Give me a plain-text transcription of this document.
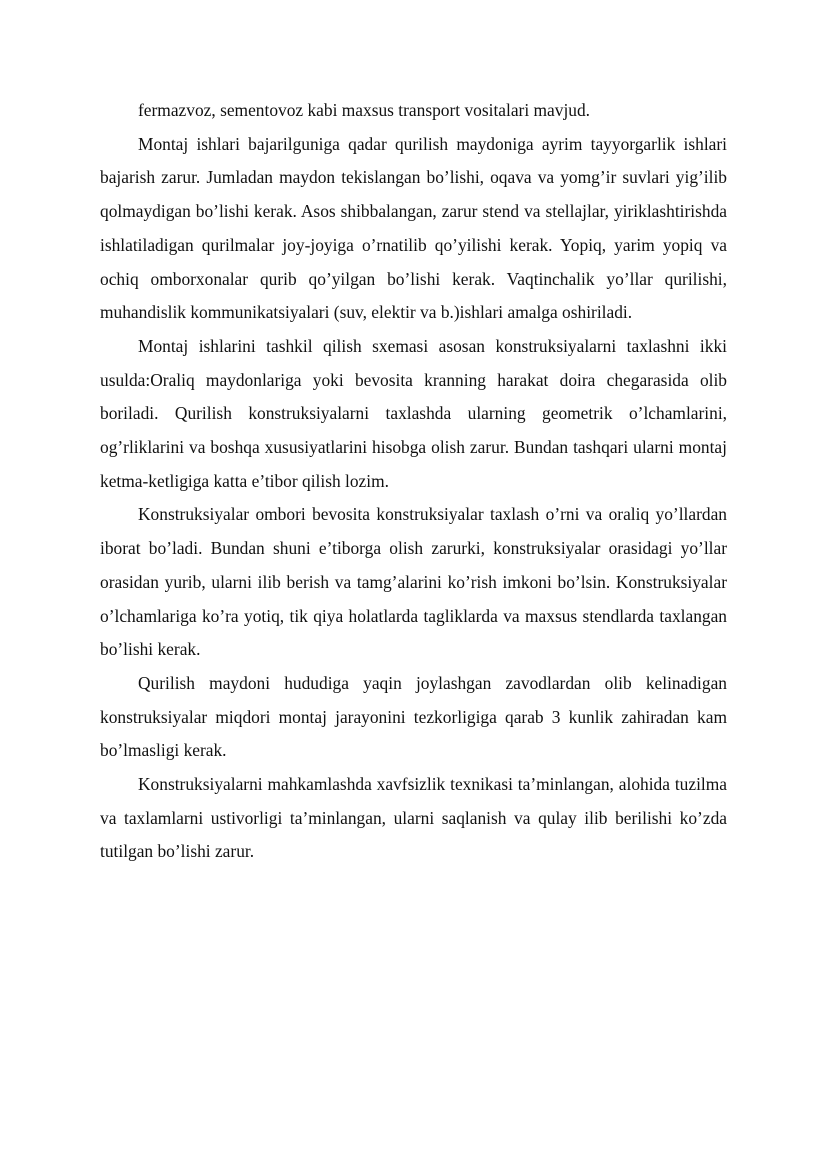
fermazvoz, sementovoz kabi maxsus transport vositalari mavjud.

Montaj ishlari bajarilguniga qadar qurilish maydoniga ayrim tayyorgarlik ishlari bajarish zarur. Jumladan maydon tekislangan bo’lishi, oqava va yomg’ir suvlari yig’ilib qolmaydigan bo’lishi kerak. Asos shibbalangan, zarur stend va stellajlar, yiriklashtirishda ishlatiladigan qurilmalar joy-joyiga o’rnatilib qo’yilishi kerak. Yopiq, yarim yopiq va ochiq omborxonalar qurib qo’yilgan bo’lishi kerak. Vaqtinchalik yo’llar qurilishi, muhandislik kommunikatsiyalari (suv, elektir va b.)ishlari amalga oshiriladi.

Montaj ishlarini tashkil qilish sxemasi asosan konstruksiyalarni taxlashni ikki usulda:Oraliq maydonlariga yoki bevosita kranning harakat doira chegarasida olib boriladi. Qurilish konstruksiyalarni taxlashda ularning geometrik o’lchamlarini, og’rliklarini va boshqa xususiyatlarini hisobga olish zarur. Bundan tashqari ularni montaj ketma-ketligiga katta e’tibor qilish lozim.

Konstruksiyalar ombori bevosita konstruksiyalar taxlash o’rni va oraliq yo’llardan iborat bo’ladi. Bundan shuni e’tiborga olish zarurki, konstruksiyalar orasidagi yo’llar orasidan yurib, ularni ilib berish va tamg’alarini ko’rish imkoni bo’lsin. Konstruksiyalar o’lchamlariga ko’ra yotiq, tik qiya holatlarda tagliklarda va maxsus stendlarda taxlangan bo’lishi kerak.

Qurilish maydoni hududiga yaqin joylashgan zavodlardan olib kelinadigan konstruksiyalar miqdori montaj jarayonini tezkorligiga qarab 3 kunlik zahiradan kam bo’lmasligi kerak.

Konstruksiyalarni mahkamlashda xavfsizlik texnikasi ta’minlangan, alohida tuzilma va taxlamlarni ustivorligi ta’minlangan, ularni saqlanish va qulay ilib berilishi ko’zda tutilgan bo’lishi zarur.
